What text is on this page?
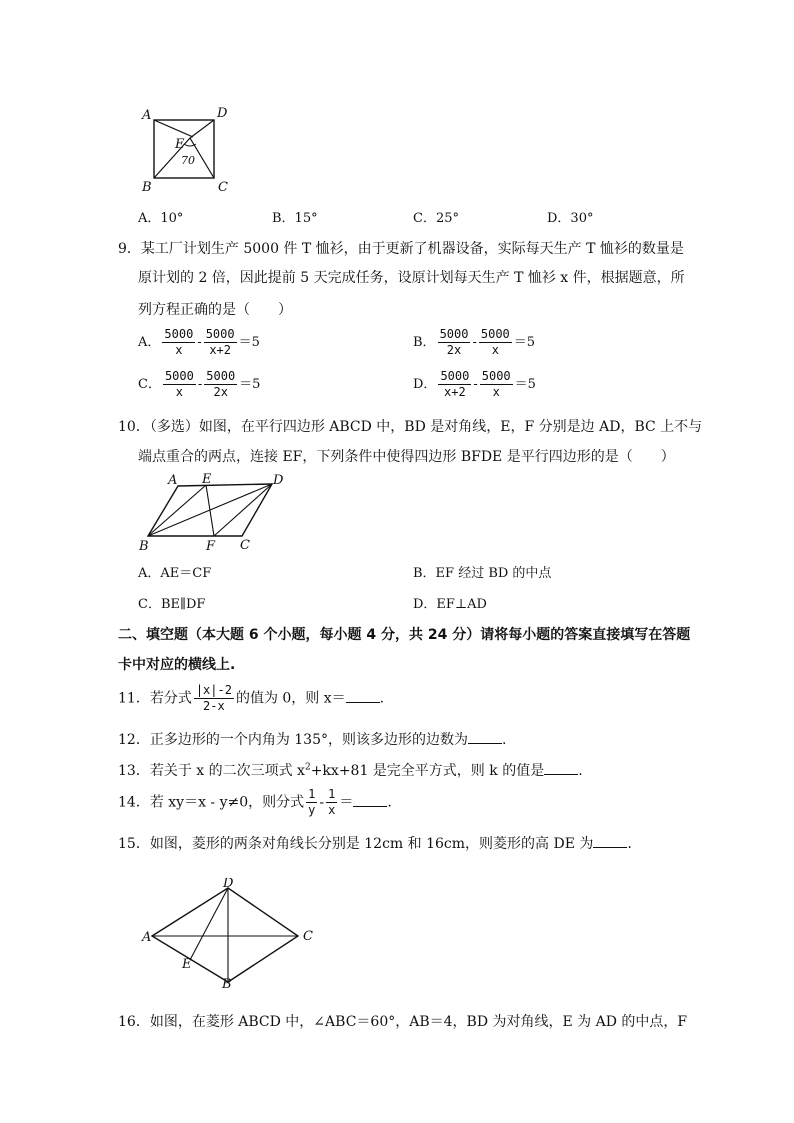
A	D
B	C
E
70
A．10°	B．15°	C．25°	D．30°
9．某工厂计划生产 5000 件 T 恤衫，由于更新了机器设备，实际每天生产 T 恤衫的数量是
原计划的 2 倍，因此提前 5 天完成任务，设原计划每天生产 T 恤衫 x 件，根据题意，所
列方程正确的是（　　）
A． $\frac{5000}{x} - \frac{5000}{x+2} =5$	B． $\frac{5000}{2x} - \frac{5000}{x} =5$
C． $\frac{5000}{x} - \frac{5000}{2x} =5$	D． $\frac{5000}{x+2} - \frac{5000}{x} =5$
10．（多选）如图，在平行四边形 ABCD 中，BD 是对角线，E，F 分别是边 AD，BC 上不与
端点重合的两点，连接 EF，下列条件中使得四边形 BFDE 是平行四边形的是（　　）
A E	D
B	F C
A．AE＝CF	B．EF 经过 BD 的中点
C．BE∥DF	D．EF⊥AD
二、填空题（本大题 6 个小题，每小题 4 分，共 24 分）请将每小题的答案直接填写在答题
卡中对应的横线上.
11．若分式 $\frac{|x|-2}{2-x}$ 的值为 0，则 x＝ .
12．正多边形的一个内角为 135°，则该多边形的边数为 .
13．若关于 x 的二次三项式 $x^2+kx+81$ 是完全平方式，则 k 的值是 .
14．若 xy＝x - y≠0，则分式 $\frac{1}{y} - \frac{1}{x}$ ＝ .
15．如图，菱形的两条对角线长分别是 12cm 和 16cm，则菱形的高 DE 为 .
D
A	C
E
B
16．如图，在菱形 ABCD 中，∠ABC＝60°，AB＝4，BD 为对角线，E 为 AD 的中点，F
